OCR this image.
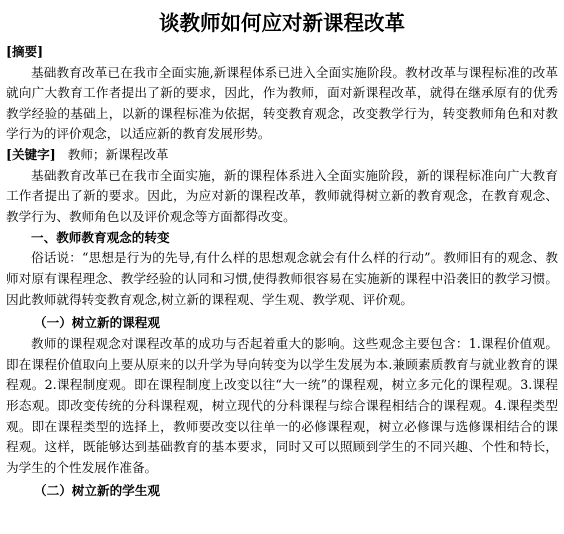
谈教师如何应对新课程改革
[摘要]

基础教育改革已在我市全面实施,新课程体系已进入全面实施阶段。教材改革与课程标准的改革就向广大教育工作者提出了新的要求，因此，作为教师，面对新课程改革，就得在继承原有的优秀教学经验的基础上，以新的课程标准为依据，转变教育观念，改变教学行为，转变教师角色和对教学行为的评价观念，以适应新的教育发展形势。

[关键字] 教师；新课程改革

基础教育改革已在我市全面实施，新的课程体系进入全面实施阶段，新的课程标准向广大教育工作者提出了新的要求。因此，为应对新的课程改革，教师就得树立新的教育观念，在教育观念、教学行为、教师角色以及评价观念等方面都得改变。

一、教师教育观念的转变

俗话说：“思想是行为的先导,有什么样的思想观念就会有什么样的行动”。教师旧有的观念、教师对原有课程理念、教学经验的认同和习惯,使得教师很容易在实施新的课程中沿袭旧的教学习惯。因此教师就得转变教育观念,树立新的课程观、学生观、教学观、评价观。

（一）树立新的课程观

教师的课程观念对课程改革的成功与否起着重大的影响。这些观念主要包含：1.课程价值观。即在课程价值取向上要从原来的以升学为导向转变为以学生发展为本.兼顾素质教育与就业教育的课程观。2.课程制度观。即在课程制度上改变以往“大一统”的课程观，树立多元化的课程观。3.课程形态观。即改变传统的分科课程观，树立现代的分科课程与综合课程相结合的课程观。4.课程类型观。即在课程类型的选择上，教师要改变以往单一的必修课程观，树立必修课与选修课相结合的课程观。这样，既能够达到基础教育的基本要求，同时又可以照顾到学生的不同兴趣、个性和特长，为学生的个性发展作准备。

（二）树立新的学生观
